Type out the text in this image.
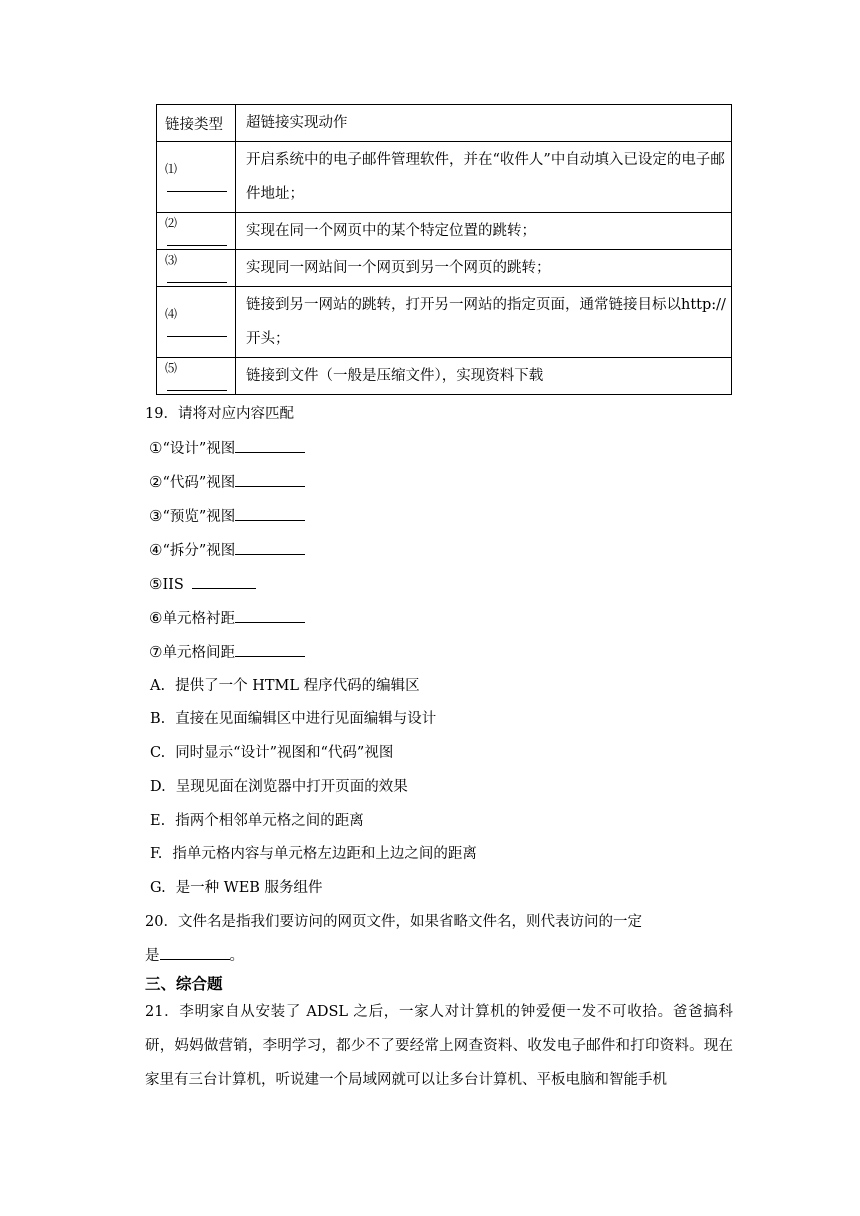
链接类型	超链接实现动作
⑴	开启系统中的电子邮件管理软件，并在“收件人”中自动填入已设定的电子邮件地址；
⑵	实现在同一个网页中的某个特定位置的跳转；
⑶	实现同一网站间一个网页到另一个网页的跳转；
⑷	链接到另一网站的跳转，打开另一网站的指定页面，通常链接目标以http://开头；
⑸	链接到文件（一般是压缩文件），实现资料下载
19．请将对应内容匹配
①“设计”视图
②“代码”视图
③“预览”视图
④“拆分”视图
⑤IIS
⑥单元格衬距
⑦单元格间距
A. 提供了一个 HTML 程序代码的编辑区
B. 直接在见面编辑区中进行见面编辑与设计
C. 同时显示“设计”视图和“代码”视图
D. 呈现见面在浏览器中打开页面的效果
E. 指两个相邻单元格之间的距离
F. 指单元格内容与单元格左边距和上边之间的距离
G. 是一种 WEB 服务组件
20．文件名是指我们要访问的网页文件，如果省略文件名，则代表访问的一定
是	。
三、综合题
21．李明家自从安装了 ADSL 之后，一家人对计算机的钟爱便一发不可收拾。爸爸搞科研，妈妈做营销，李明学习，都少不了要经常上网查资料、收发电子邮件和打印资料。现在家里有三台计算机，听说建一个局域网就可以让多台计算机、平板电脑和智能手机
